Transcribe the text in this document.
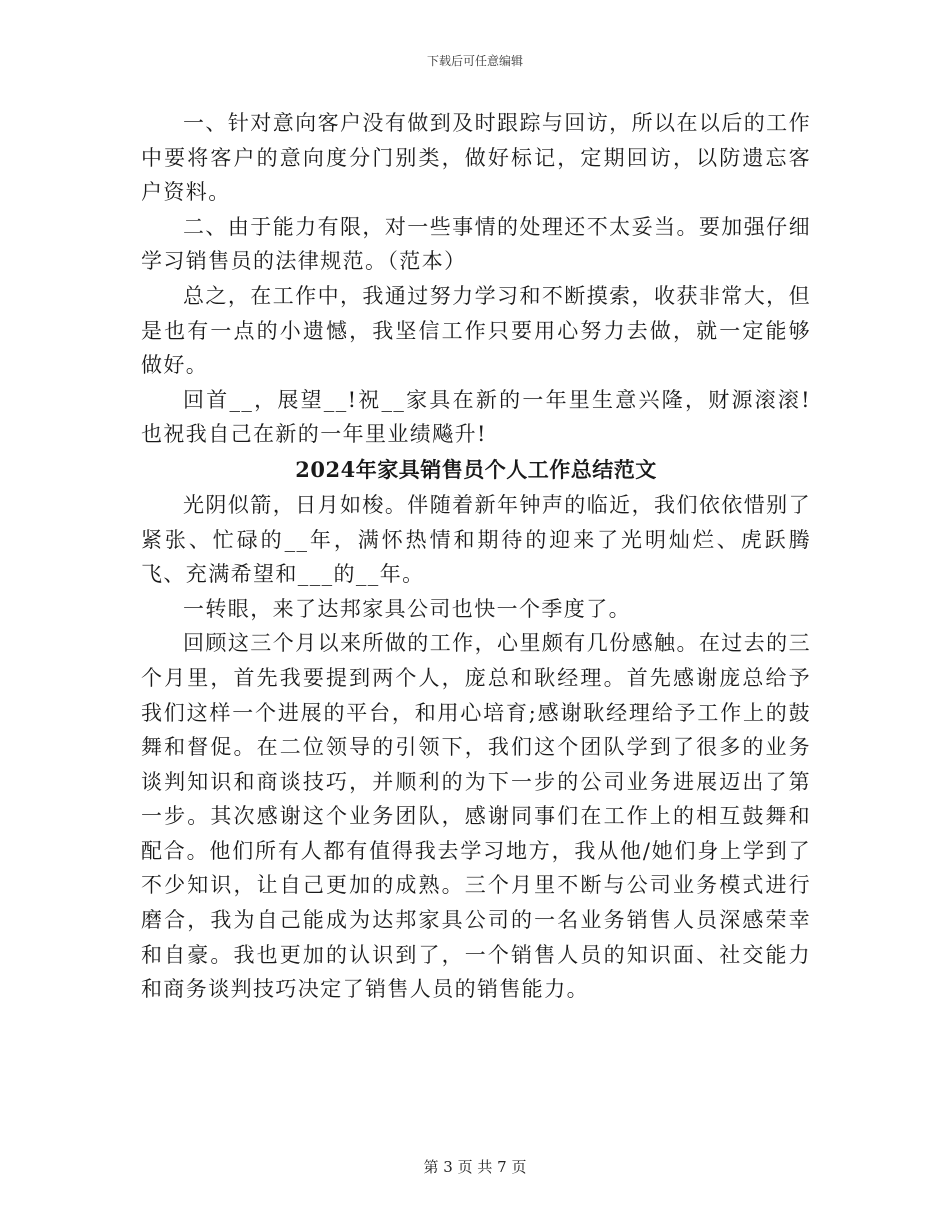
下载后可任意编辑

一、针对意向客户没有做到及时跟踪与回访，所以在以后的工作中要将客户的意向度分门别类，做好标记，定期回访，以防遗忘客户资料。

二、由于能力有限，对一些事情的处理还不太妥当。要加强仔细学习销售员的法律规范。（范本）

总之，在工作中，我通过努力学习和不断摸索，收获非常大，但是也有一点的小遗憾，我坚信工作只要用心努力去做，就一定能够做好。

回首__，展望__!祝__家具在新的一年里生意兴隆，财源滚滚!也祝我自己在新的一年里业绩飚升!

2024年家具销售员个人工作总结范文

光阴似箭，日月如梭。伴随着新年钟声的临近，我们依依惜别了紧张、忙碌的__年，满怀热情和期待的迎来了光明灿烂、虎跃腾飞、充满希望和___的__年。

一转眼，来了达邦家具公司也快一个季度了。

回顾这三个月以来所做的工作，心里颇有几份感触。在过去的三个月里，首先我要提到两个人，庞总和耿经理。首先感谢庞总给予我们这样一个进展的平台，和用心培育;感谢耿经理给予工作上的鼓舞和督促。在二位领导的引领下，我们这个团队学到了很多的业务谈判知识和商谈技巧，并顺利的为下一步的公司业务进展迈出了第一步。其次感谢这个业务团队，感谢同事们在工作上的相互鼓舞和配合。他们所有人都有值得我去学习地方，我从他/她们身上学到了不少知识，让自己更加的成熟。三个月里不断与公司业务模式进行磨合，我为自己能成为达邦家具公司的一名业务销售人员深感荣幸和自豪。我也更加的认识到了，一个销售人员的知识面、社交能力和商务谈判技巧决定了销售人员的销售能力。

第 3 页 共 7 页
